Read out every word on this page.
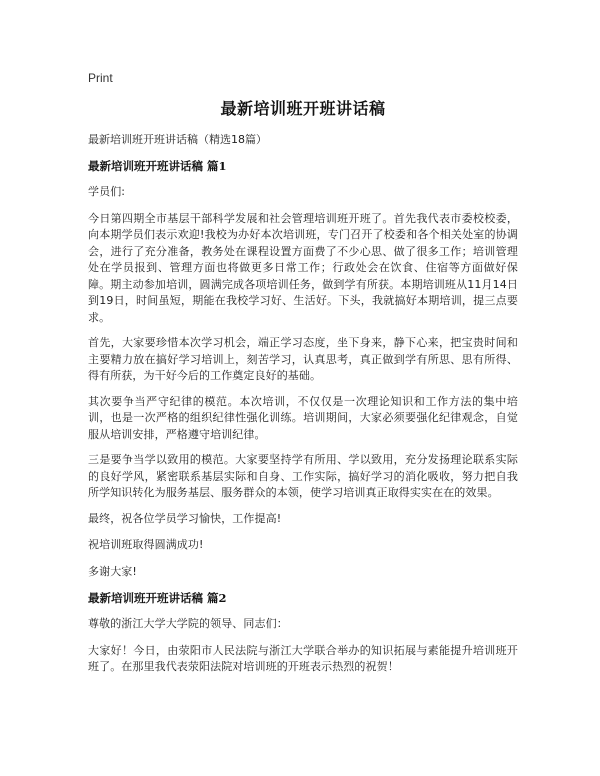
Print
最新培训班开班讲话稿
最新培训班开班讲话稿（精选18篇）
最新培训班开班讲话稿 篇1

学员们:

今日第四期全市基层干部科学发展和社会管理培训班开班了。首先我代表市委校校委，向本期学员们表示欢迎!我校为办好本次培训班，专门召开了校委和各个相关处室的协调会，进行了充分准备，教务处在课程设置方面费了不少心思、做了很多工作；培训管理处在学员报到、管理方面也将做更多日常工作；行政处会在饮食、住宿等方面做好保障。期主动参加培训，圆满完成各项培训任务，做到学有所获。本期培训班从11月14日到19日，时间虽短，期能在我校学习好、生活好。下头，我就搞好本期培训，提三点要求。

首先，大家要珍惜本次学习机会，端正学习态度，坐下身来，静下心来，把宝贵时间和主要精力放在搞好学习培训上，刻苦学习，认真思考，真正做到学有所思、思有所得、得有所获，为干好今后的工作奠定良好的基础。

其次要争当严守纪律的模范。本次培训，不仅仅是一次理论知识和工作方法的集中培训，也是一次严格的组织纪律性强化训练。培训期间，大家必须要强化纪律观念，自觉服从培训安排，严格遵守培训纪律。

三是要争当学以致用的模范。大家要坚持学有所用、学以致用，充分发扬理论联系实际的良好学风，紧密联系基层实际和自身、工作实际，搞好学习的消化吸收，努力把自我所学知识转化为服务基层、服务群众的本领，使学习培训真正取得实实在在的效果。

最终，祝各位学员学习愉快，工作提高!

祝培训班取得圆满成功!

多谢大家!

最新培训班开班讲话稿 篇2

尊敬的浙江大学大学院的领导、同志们：

大家好！今日，由荥阳市人民法院与浙江大学联合举办的知识拓展与素能提升培训班开班了。在那里我代表荥阳法院对培训班的开班表示热烈的祝贺！
